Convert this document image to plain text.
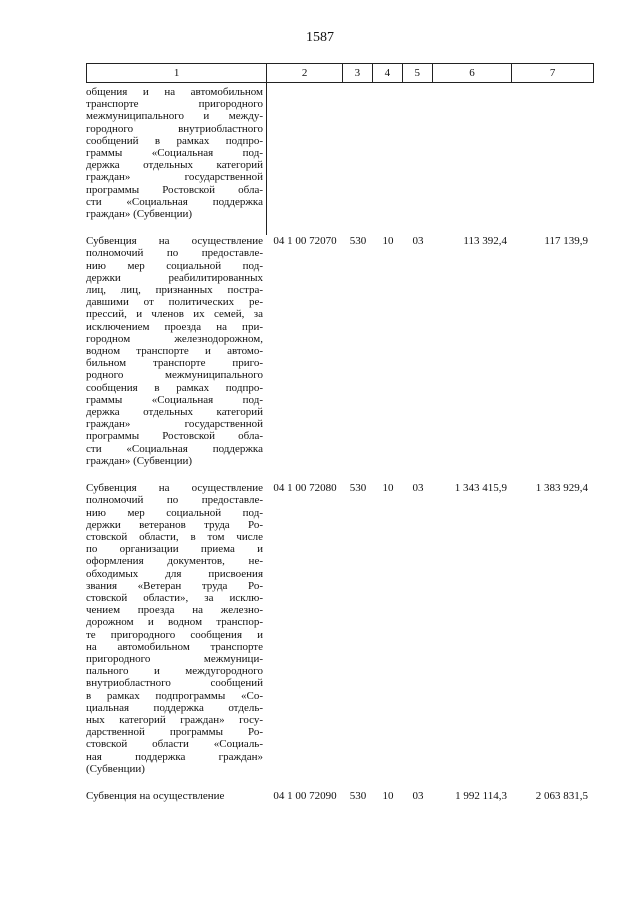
1587
1	2	3	4	5	6	7
общения и на автомобильном
транспорте пригородного
межмуниципального и между-
городного внутриобластного
сообщений в рамках подпро-
граммы «Социальная под-
держка отдельных категорий
граждан» государственной
программы Ростовской обла-
сти «Социальная поддержка
граждан» (Субвенции)
Субвенция на осуществление
полномочий по предоставле-
нию мер социальной под-
держки реабилитированных
лиц, лиц, признанных постра-
давшими от политических ре-
прессий, и членов их семей, за
исключением проезда на при-
городном железнодорожном,
водном транспорте и автомо-
бильном транспорте приго-
родного межмуниципального
сообщения в рамках подпро-
граммы «Социальная под-
держка отдельных категорий
граждан» государственной
программы Ростовской обла-
сти «Социальная поддержка
граждан» (Субвенции)
04 1 00 72070	530	10	03	113 392,4	117 139,9
Субвенция на осуществление
полномочий по предоставле-
нию мер социальной под-
держки ветеранов труда Ро-
стовской области, в том числе
по организации приема и
оформления документов, не-
обходимых для присвоения
звания «Ветеран труда Ро-
стовской области», за исклю-
чением проезда на железно-
дорожном и водном транспор-
те пригородного сообщения и
на автомобильном транспорте
пригородного межмуници-
пального и междугородного
внутриобластного сообщений
в рамках подпрограммы «Со-
циальная поддержка отдель-
ных категорий граждан» госу-
дарственной программы Ро-
стовской области «Социаль-
ная поддержка граждан»
(Субвенции)
04 1 00 72080	530	10	03	1 343 415,9	1 383 929,4
Субвенция на осуществление	04 1 00 72090	530	10	03	1 992 114,3	2 063 831,5
